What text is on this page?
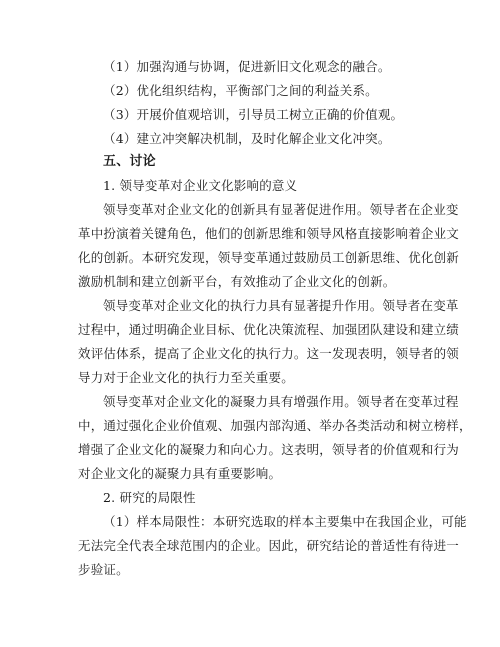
（1）加强沟通与协调，促进新旧文化观念的融合。
（2）优化组织结构，平衡部门之间的利益关系。
（3）开展价值观培训，引导员工树立正确的价值观。
（4）建立冲突解决机制，及时化解企业文化冲突。
五、讨论
1. 领导变革对企业文化影响的意义
领导变革对企业文化的创新具有显著促进作用。领导者在企业变
革中扮演着关键角色，他们的创新思维和领导风格直接影响着企业文
化的创新。本研究发现，领导变革通过鼓励员工创新思维、优化创新
激励机制和建立创新平台，有效推动了企业文化的创新。
领导变革对企业文化的执行力具有显著提升作用。领导者在变革
过程中，通过明确企业目标、优化决策流程、加强团队建设和建立绩
效评估体系，提高了企业文化的执行力。这一发现表明，领导者的领
导力对于企业文化的执行力至关重要。
领导变革对企业文化的凝聚力具有增强作用。领导者在变革过程
中，通过强化企业价值观、加强内部沟通、举办各类活动和树立榜样，
增强了企业文化的凝聚力和向心力。这表明，领导者的价值观和行为
对企业文化的凝聚力具有重要影响。
2. 研究的局限性
（1）样本局限性：本研究选取的样本主要集中在我国企业，可能
无法完全代表全球范围内的企业。因此，研究结论的普适性有待进一
步验证。
